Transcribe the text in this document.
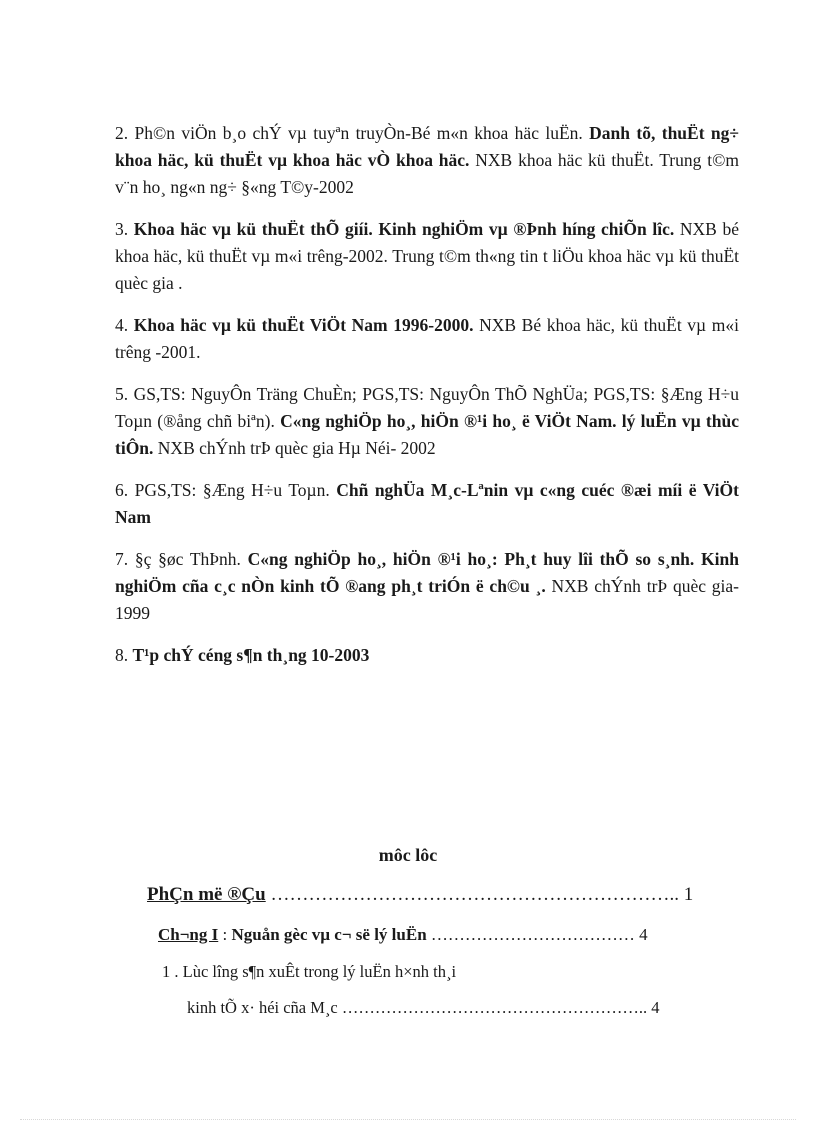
2. Ph©n viÖn b¸o chÝ vµ tuyªn truyÒn-Bé m«n khoa häc luËn. Danh tõ, thuËt ng÷ khoa häc, kü thuËt vµ khoa häc vÒ khoa häc. NXB khoa häc kü thuËt. Trung t©m v¨n ho¸ ng«n ng÷ §«ng T©y-2002

3. Khoa häc vµ kü thuËt thÕ giíi. Kinh nghiÖm vµ ®Þnh híng chiÕn lîc. NXB bé khoa häc, kü thuËt vµ m«i trêng-2002. Trung t©m th«ng tin t liÖu khoa häc vµ kü thuËt quèc gia .

4. Khoa häc vµ kü thuËt ViÖt Nam 1996-2000. NXB Bé khoa häc, kü thuËt vµ m«i trêng -2001.

5. GS,TS: NguyÔn Träng ChuÈn; PGS,TS: NguyÔn ThÕ NghÜa; PGS,TS: §Æng H÷u Toµn (®ång chñ biªn). C«ng nghiÖp ho¸, hiÖn ®¹i ho¸ ë ViÖt Nam. lý luËn vµ thùc tiÔn. NXB chÝnh trÞ quèc gia Hµ Néi- 2002

6. PGS,TS: §Æng H÷u Toµn. Chñ nghÜa M¸c-Lªnin vµ c«ng cuéc ®æi míi ë ViÖt Nam

7. §ç §øc ThÞnh. C«ng nghiÖp ho¸, hiÖn ®¹i ho¸: Ph¸t huy lîi thÕ so s¸nh. Kinh nghiÖm cña c¸c nÒn kinh tÕ ®ang ph¸t triÓn ë ch©u ¸. NXB chÝnh trÞ quèc gia-1999

8. T¹p chÝ céng s¶n th¸ng 10-2003

môc lôc
PhÇn më ®Çu ……………………………………………………….. 1
Ch¬ng I : Nguån gèc vµ c¬ së lý luËn ……………………………… 4
1 . Lùc lîng s¶n xuÊt trong lý luËn h×nh th¸i
kinh tÕ x· héi cña M¸c ……………………………………………….. 4
